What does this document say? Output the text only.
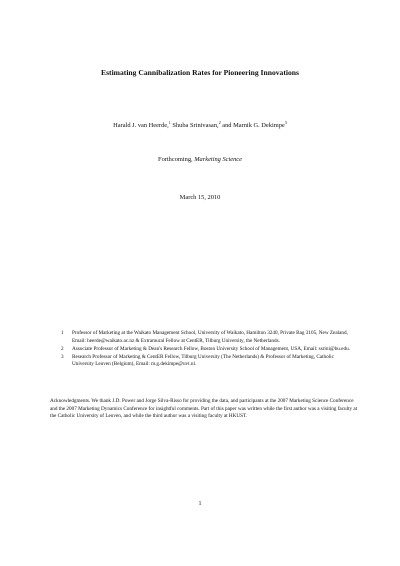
Estimating Cannibalization Rates for Pioneering Innovations
Harald J. van Heerde,$^1$ Shuba Srinivasan,$^2$ and Marnik G. Dekimpe$^3$
Forthcoming, Marketing Science
March 15, 2010
1	Professor of Marketing at the Waikato Management School, University of Waikato, Hamilton 3240, Private Bag 3105, New Zealand, Email: heerde@waikato.ac.nz & Extramural Fellow at CentER, Tilburg University, the Netherlands.
2	Associate Professor of Marketing & Dean's Research Fellow, Boston University School of Management, USA, Email: ssrini@bu.edu.
3	Research Professor of Marketing & CentER Fellow, Tilburg University (The Netherlands) & Professor of Marketing, Catholic University Leuven (Belgium), Email: m.g.dekimpe@uvt.nl.
Acknowledgments. We thank J.D. Power and Jorge Silva-Risso for providing the data, and participants at the 2007 Marketing Science Conference and the 2007 Marketing Dynamics Conference for insightful comments. Part of this paper was written while the first author was a visiting faculty at the Catholic University of Leuven, and while the third author was a visiting faculty at HKUST.
1
